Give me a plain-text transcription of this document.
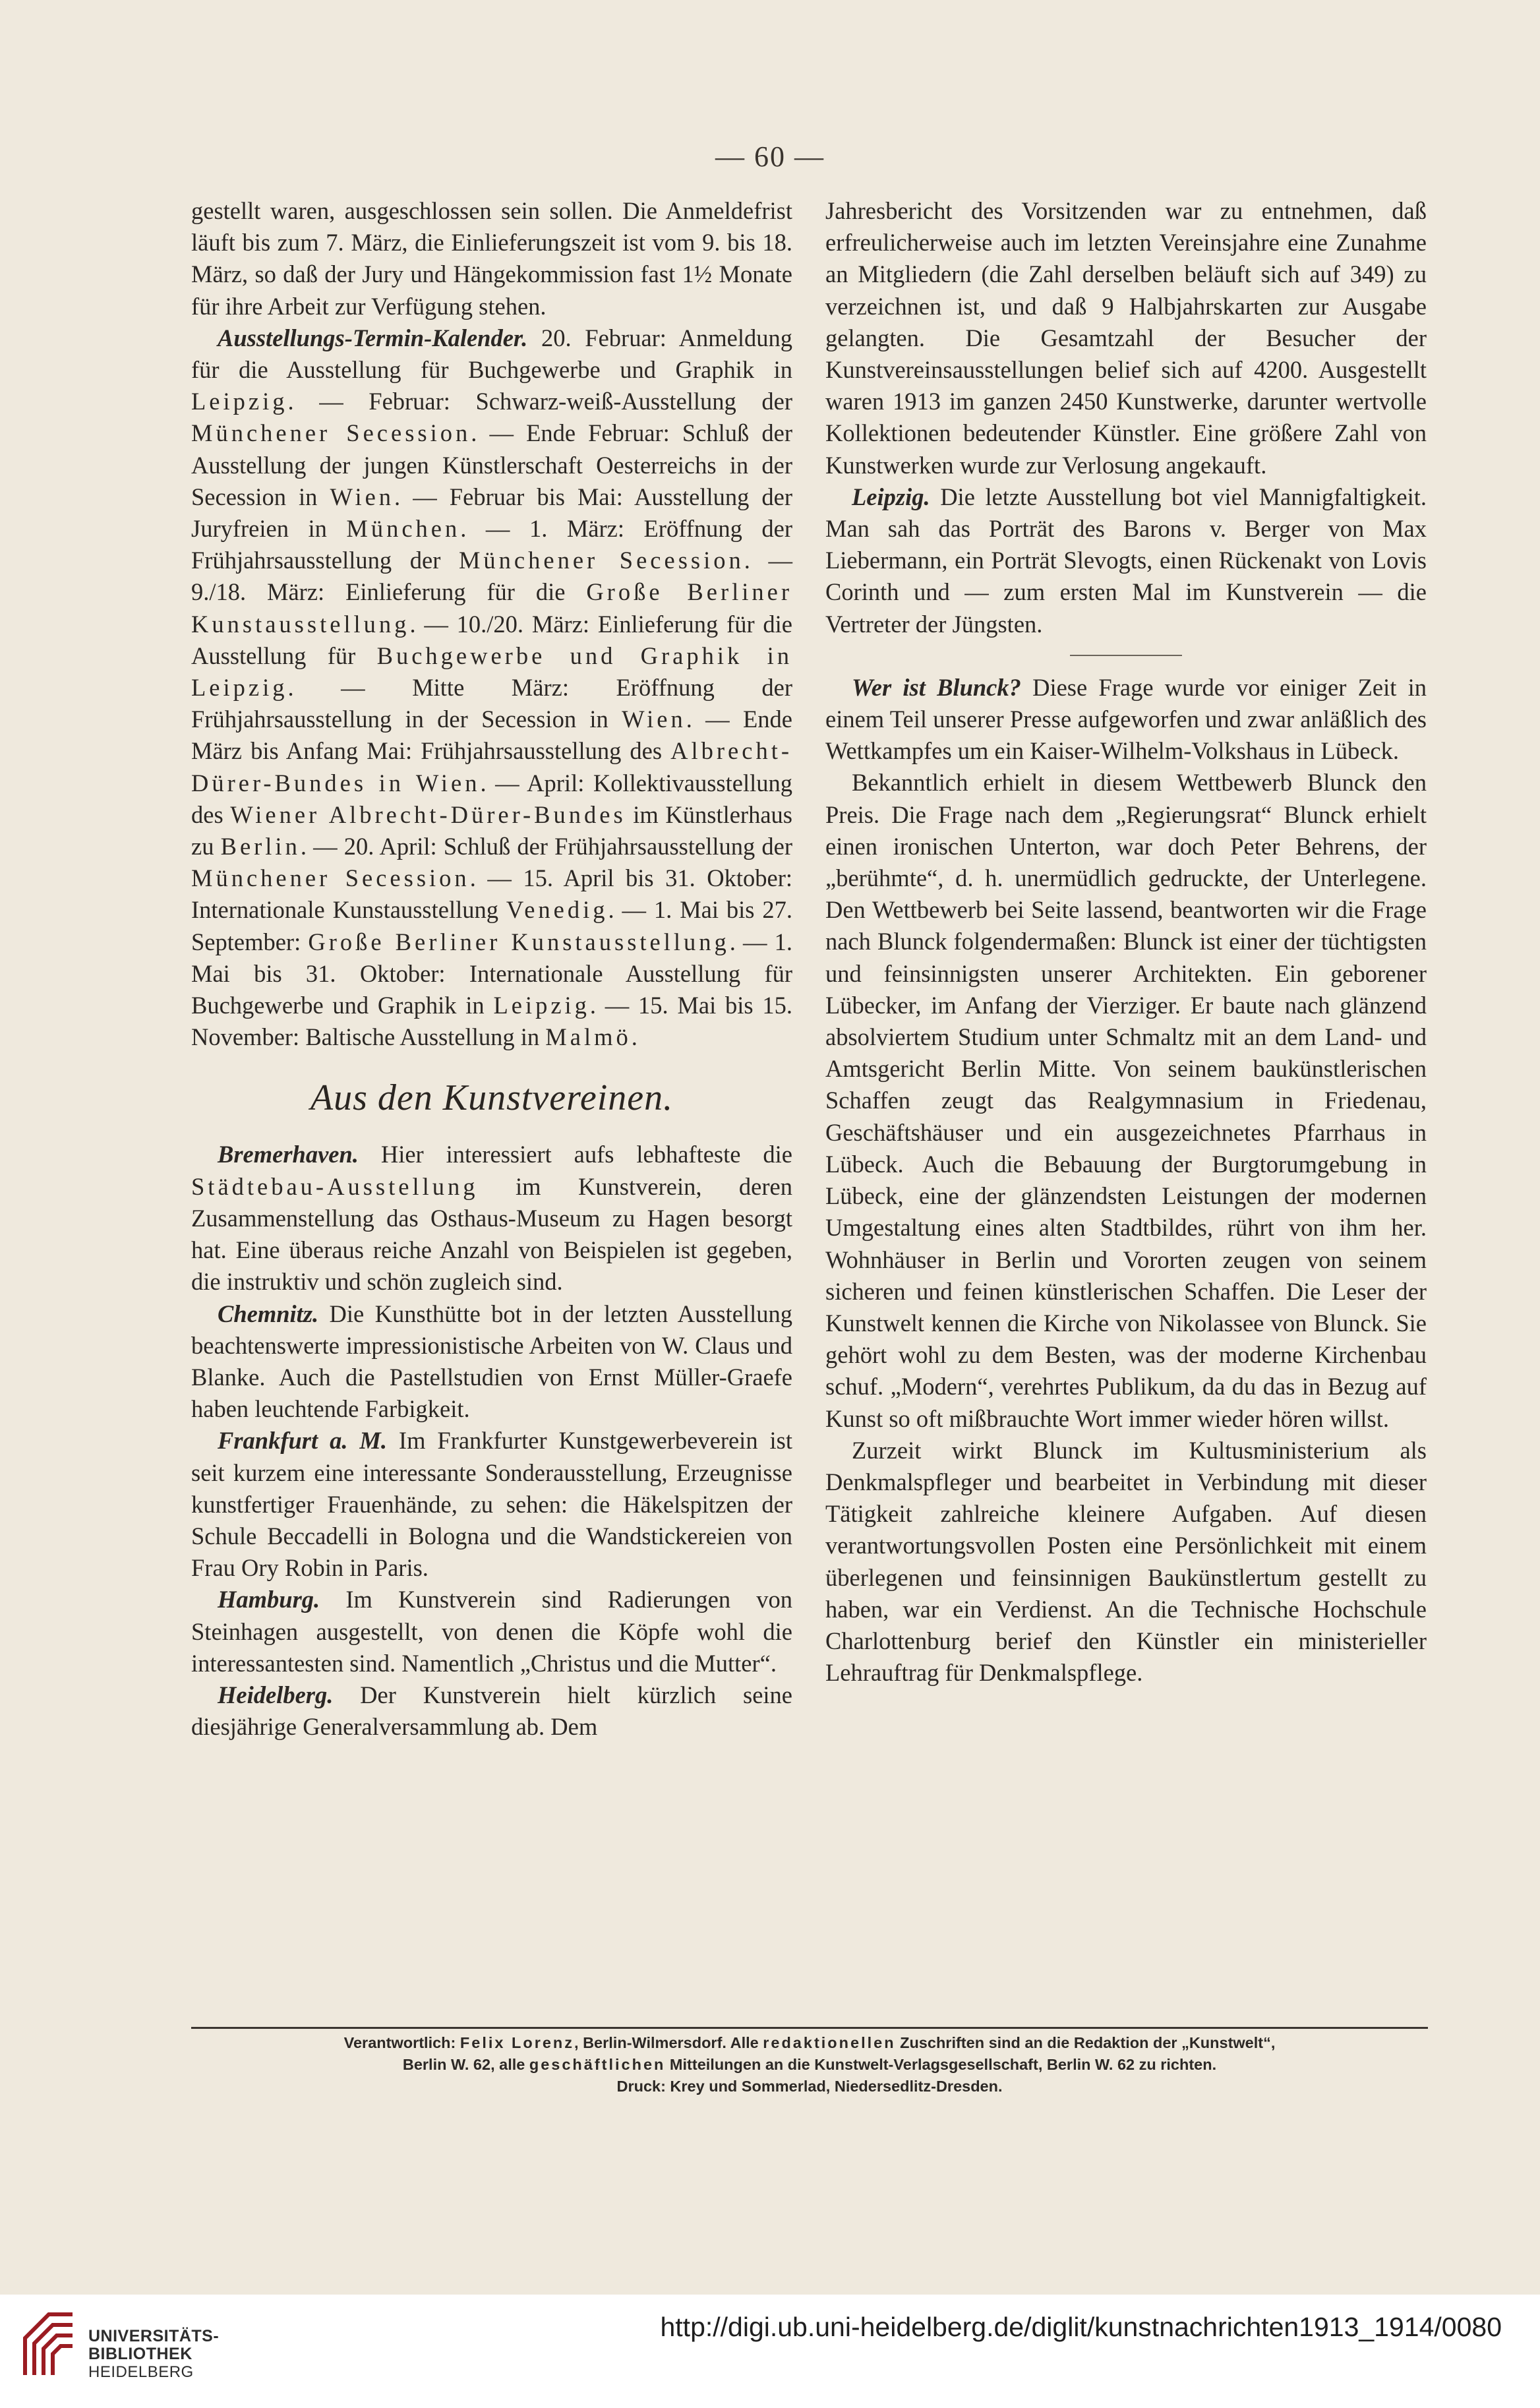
— 60 —

gestellt waren, ausgeschlossen sein sollen. Die Anmeldefrist läuft bis zum 7. März, die Einlieferungszeit ist vom 9. bis 18. März, so daß der Jury und Hängekommission fast 1½ Monate für ihre Arbeit zur Verfügung stehen.

Ausstellungs-Termin-Kalender. 20. Februar: Anmeldung für die Ausstellung für Buchgewerbe und Graphik in Leipzig. — Februar: Schwarz-weiß-Ausstellung der Münchener Secession. — Ende Februar: Schluß der Ausstellung der jungen Künstlerschaft Oesterreichs in der Secession in Wien. — Februar bis Mai: Ausstellung der Juryfreien in München. — 1. März: Eröffnung der Frühjahrsausstellung der Münchener Secession. — 9./18. März: Einlieferung für die Große Berliner Kunstausstellung. — 10./20. März: Einlieferung für die Ausstellung für Buchgewerbe und Graphik in Leipzig. — Mitte März: Eröffnung der Frühjahrsausstellung in der Secession in Wien. — Ende März bis Anfang Mai: Frühjahrsausstellung des Albrecht-Dürer-Bundes in Wien. — April: Kollektivausstellung des Wiener Albrecht-Dürer-Bundes im Künstlerhaus zu Berlin. — 20. April: Schluß der Frühjahrsausstellung der Münchener Secession. — 15. April bis 31. Oktober: Internationale Kunstausstellung Venedig. — 1. Mai bis 27. September: Große Berliner Kunstausstellung. — 1. Mai bis 31. Oktober: Internationale Ausstellung für Buchgewerbe und Graphik in Leipzig. — 15. Mai bis 15. November: Baltische Ausstellung in Malmö.

Aus den Kunstvereinen.

Bremerhaven. Hier interessiert aufs lebhafteste die Städtebau-Ausstellung im Kunstverein, deren Zusammenstellung das Osthaus-Museum zu Hagen besorgt hat. Eine überaus reiche Anzahl von Beispielen ist gegeben, die instruktiv und schön zugleich sind.

Chemnitz. Die Kunsthütte bot in der letzten Ausstellung beachtenswerte impressionistische Arbeiten von W. Claus und Blanke. Auch die Pastellstudien von Ernst Müller-Graefe haben leuchtende Farbigkeit.

Frankfurt a. M. Im Frankfurter Kunstgewerbeverein ist seit kurzem eine interessante Sonderausstellung, Erzeugnisse kunstfertiger Frauenhände, zu sehen: die Häkelspitzen der Schule Beccadelli in Bologna und die Wandstickereien von Frau Ory Robin in Paris.

Hamburg. Im Kunstverein sind Radierungen von Steinhagen ausgestellt, von denen die Köpfe wohl die interessantesten sind. Namentlich „Christus und die Mutter“.

Heidelberg. Der Kunstverein hielt kürzlich seine diesjährige Generalversammlung ab. Dem

Jahresbericht des Vorsitzenden war zu entnehmen, daß erfreulicherweise auch im letzten Vereinsjahre eine Zunahme an Mitgliedern (die Zahl derselben beläuft sich auf 349) zu verzeichnen ist, und daß 9 Halbjahrskarten zur Ausgabe gelangten. Die Gesamtzahl der Besucher der Kunstvereinsausstellungen belief sich auf 4200. Ausgestellt waren 1913 im ganzen 2450 Kunstwerke, darunter wertvolle Kollektionen bedeutender Künstler. Eine größere Zahl von Kunstwerken wurde zur Verlosung angekauft.

Leipzig. Die letzte Ausstellung bot viel Mannigfaltigkeit. Man sah das Porträt des Barons v. Berger von Max Liebermann, ein Porträt Slevogts, einen Rückenakt von Lovis Corinth und — zum ersten Mal im Kunstverein — die Vertreter der Jüngsten.

Wer ist Blunck? Diese Frage wurde vor einiger Zeit in einem Teil unserer Presse aufgeworfen und zwar anläßlich des Wettkampfes um ein Kaiser-Wilhelm-Volkshaus in Lübeck.

Bekanntlich erhielt in diesem Wettbewerb Blunck den Preis. Die Frage nach dem „Regierungsrat“ Blunck erhielt einen ironischen Unterton, war doch Peter Behrens, der „berühmte“, d. h. unermüdlich gedruckte, der Unterlegene. Den Wettbewerb bei Seite lassend, beantworten wir die Frage nach Blunck folgendermaßen: Blunck ist einer der tüchtigsten und feinsinnigsten unserer Architekten. Ein geborener Lübecker, im Anfang der Vierziger. Er baute nach glänzend absolviertem Studium unter Schmaltz mit an dem Land- und Amtsgericht Berlin Mitte. Von seinem baukünstlerischen Schaffen zeugt das Realgymnasium in Friedenau, Geschäftshäuser und ein ausgezeichnetes Pfarrhaus in Lübeck. Auch die Bebauung der Burgtorumgebung in Lübeck, eine der glänzendsten Leistungen der modernen Umgestaltung eines alten Stadtbildes, rührt von ihm her. Wohnhäuser in Berlin und Vororten zeugen von seinem sicheren und feinen künstlerischen Schaffen. Die Leser der Kunstwelt kennen die Kirche von Nikolassee von Blunck. Sie gehört wohl zu dem Besten, was der moderne Kirchenbau schuf. „Modern“, verehrtes Publikum, da du das in Bezug auf Kunst so oft mißbrauchte Wort immer wieder hören willst.

Zurzeit wirkt Blunck im Kultusministerium als Denkmalspfleger und bearbeitet in Verbindung mit dieser Tätigkeit zahlreiche kleinere Aufgaben. Auf diesen verantwortungsvollen Posten eine Persönlichkeit mit einem überlegenen und feinsinnigen Baukünstlertum gestellt zu haben, war ein Verdienst. An die Technische Hochschule Charlottenburg berief den Künstler ein ministerieller Lehrauftrag für Denkmalspflege.

Verantwortlich: Felix Lorenz, Berlin-Wilmersdorf. Alle redaktionellen Zuschriften sind an die Redaktion der „Kunstwelt“,
Berlin W. 62, alle geschäftlichen Mitteilungen an die Kunstwelt-Verlagsgesellschaft, Berlin W. 62 zu richten.
Druck: Krey und Sommerlad, Niedersedlitz-Dresden.
UNIVERSITÄTS-
BIBLIOTHEK
HEIDELBERG
http://digi.ub.uni-heidelberg.de/diglit/kunstnachrichten1913_1914/0080
